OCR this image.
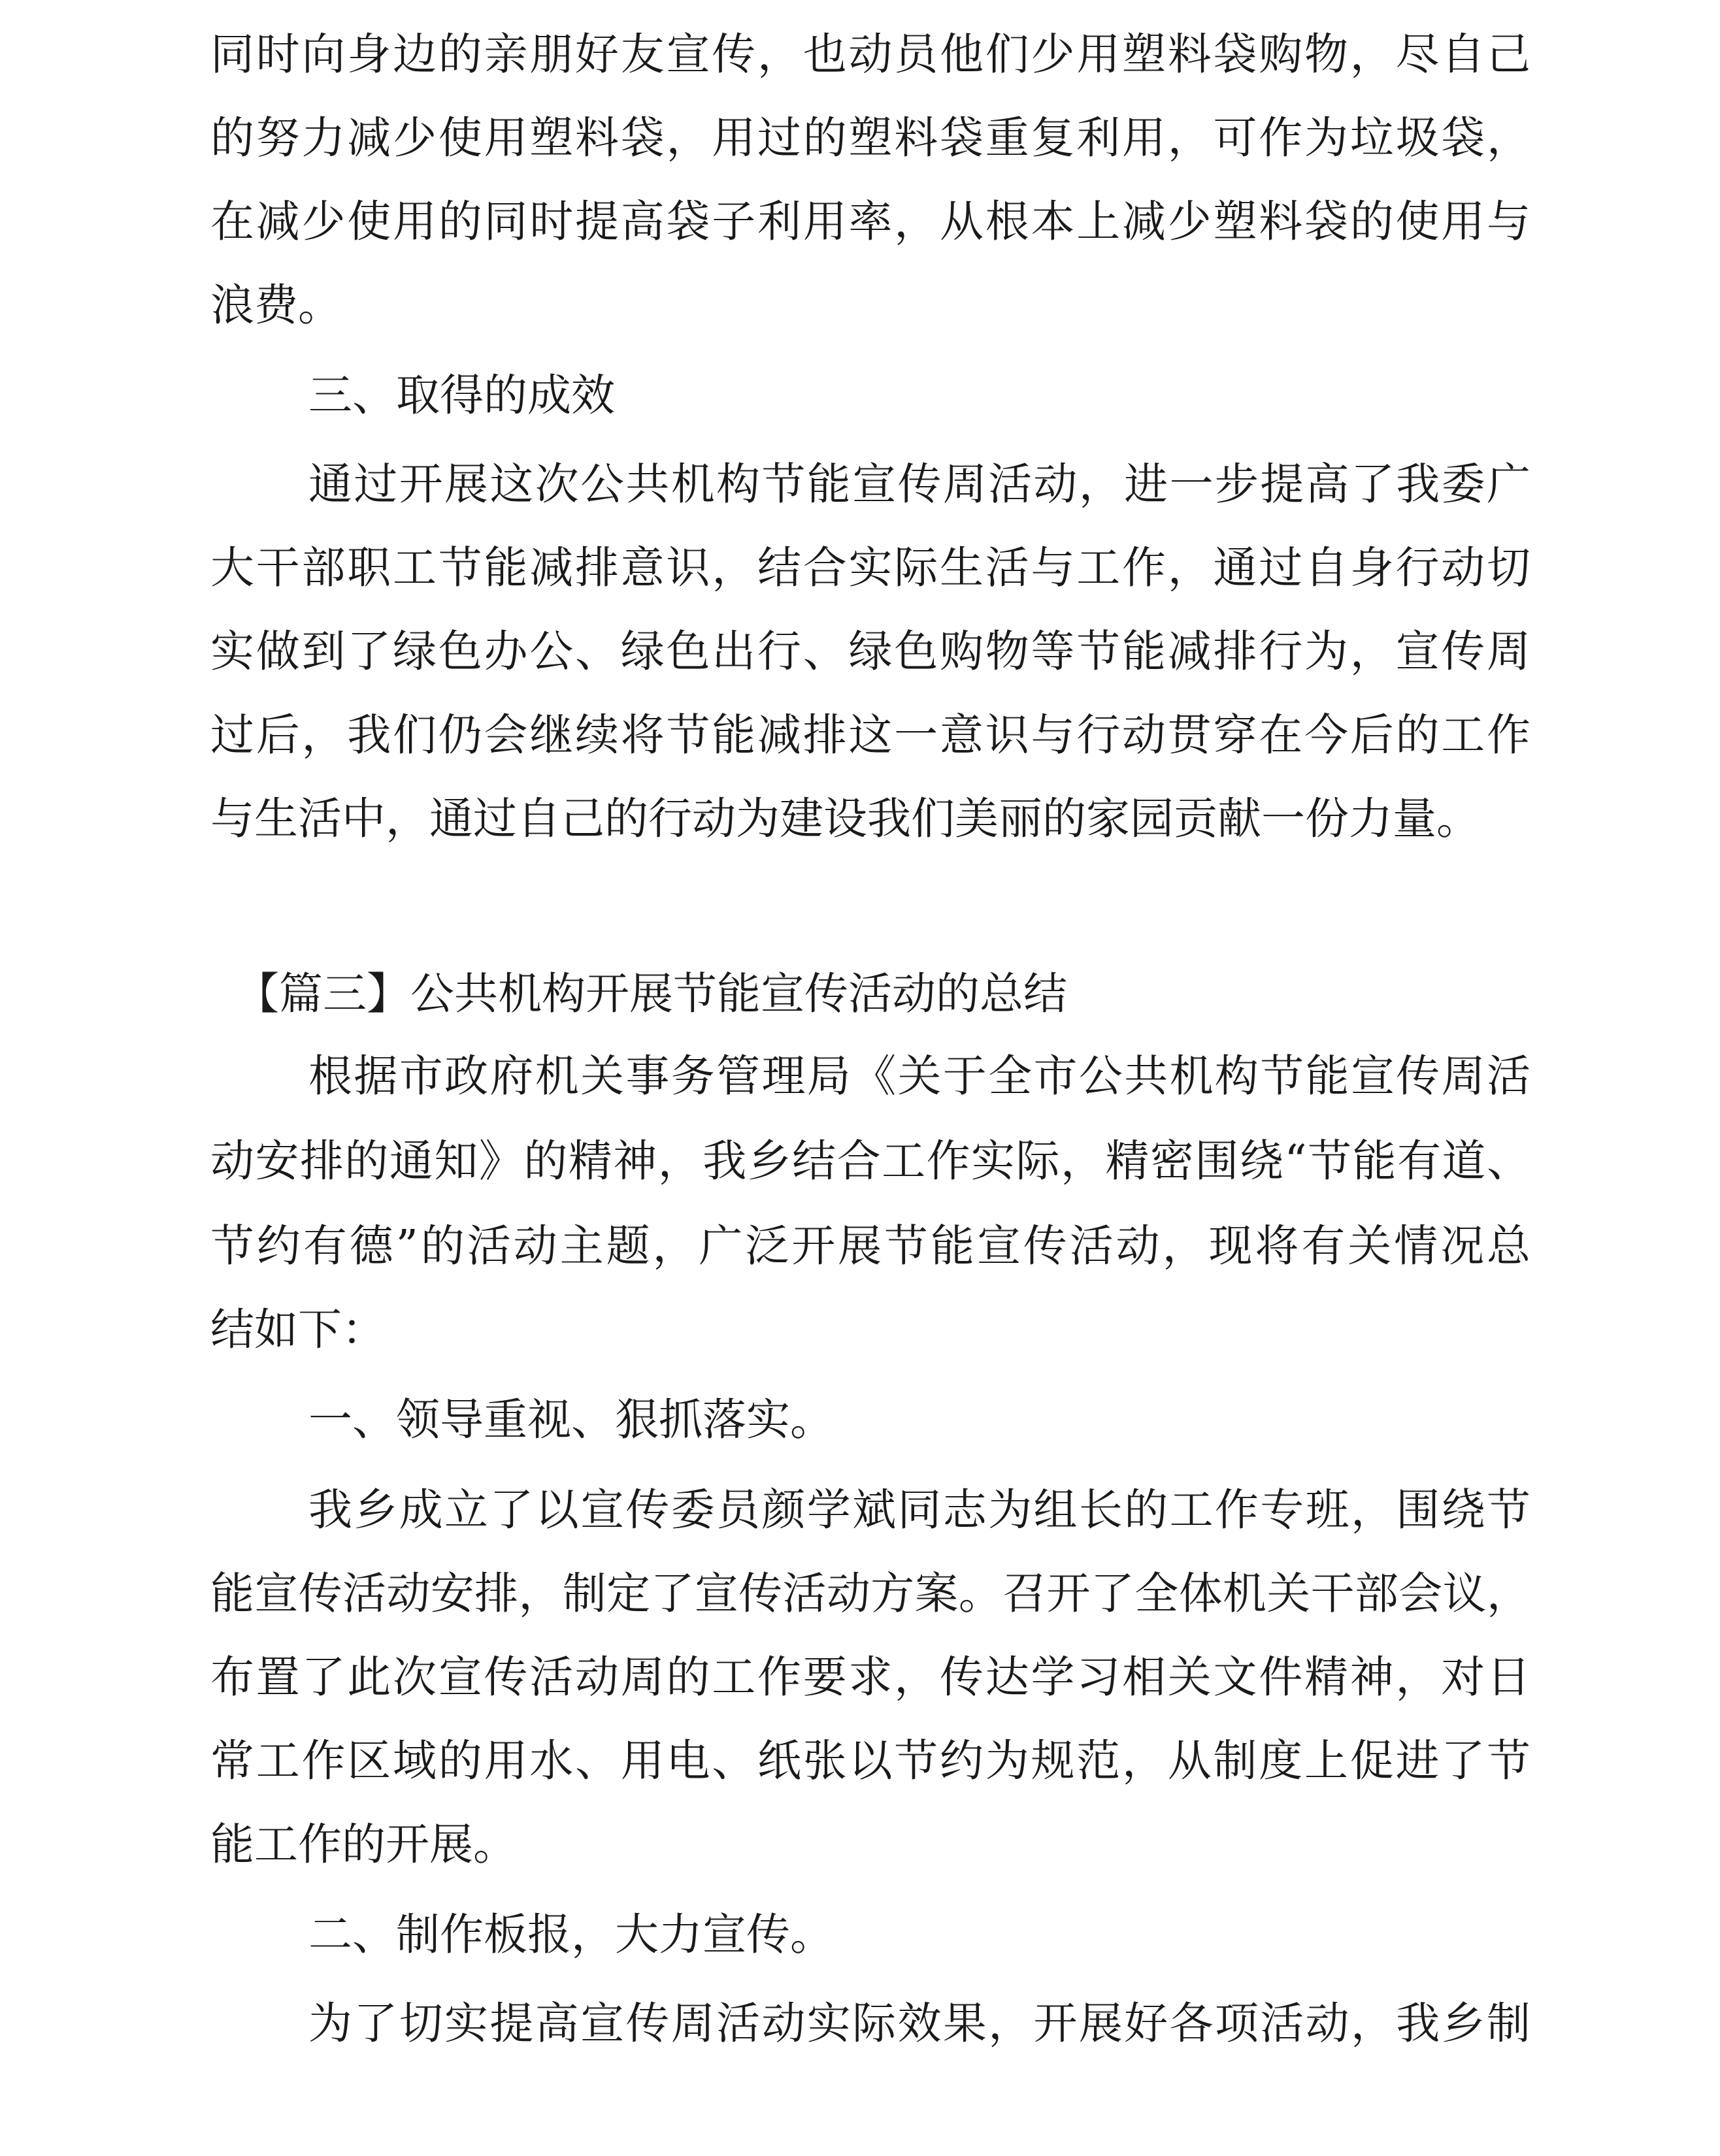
同时向身边的亲朋好友宣传，也动员他们少用塑料袋购物，尽自己
的努力减少使用塑料袋，用过的塑料袋重复利用，可作为垃圾袋，
在减少使用的同时提高袋子利用率，从根本上减少塑料袋的使用与
浪费。
三、取得的成效
通过开展这次公共机构节能宣传周活动，进一步提高了我委广
大干部职工节能减排意识，结合实际生活与工作，通过自身行动切
实做到了绿色办公、绿色出行、绿色购物等节能减排行为，宣传周
过后，我们仍会继续将节能减排这一意识与行动贯穿在今后的工作
与生活中，通过自己的行动为建设我们美丽的家园贡献一份力量。
【篇三】公共机构开展节能宣传活动的总结
根据市政府机关事务管理局《关于全市公共机构节能宣传周活
动安排的通知》的精神，我乡结合工作实际，精密围绕“节能有道、
节约有德”的活动主题，广泛开展节能宣传活动，现将有关情况总
结如下：
一、领导重视、狠抓落实。
我乡成立了以宣传委员颜学斌同志为组长的工作专班，围绕节
能宣传活动安排，制定了宣传活动方案。召开了全体机关干部会议，
布置了此次宣传活动周的工作要求，传达学习相关文件精神，对日
常工作区域的用水、用电、纸张以节约为规范，从制度上促进了节
能工作的开展。
二、制作板报，大力宣传。
为了切实提高宣传周活动实际效果，开展好各项活动，我乡制
